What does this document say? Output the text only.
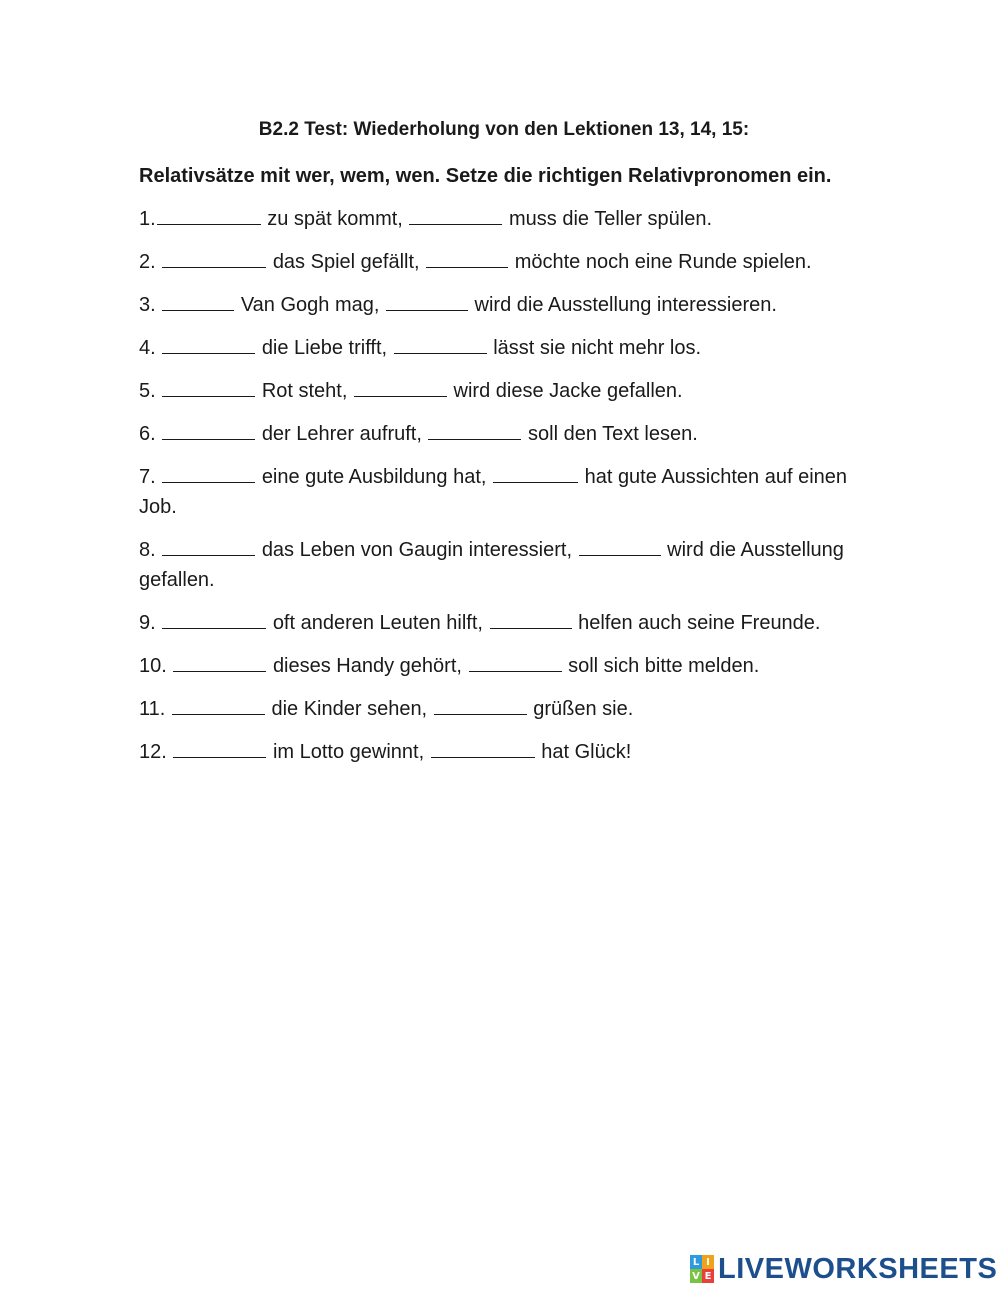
B2.2 Test: Wiederholung von den Lektionen 13, 14, 15:
Relativsätze mit wer, wem, wen. Setze die richtigen Relativpronomen ein.
1.	zu spät kommt,	muss die Teller spülen.
2.	das Spiel gefällt,	möchte noch eine Runde spielen.
3.	Van Gogh mag,	wird die Ausstellung interessieren.
4.	die Liebe trifft,	lässt sie nicht mehr los.
5.	Rot steht,	wird diese Jacke gefallen.
6.	der Lehrer aufruft,	soll den Text lesen.
7.	eine gute Ausbildung hat,	hat gute Aussichten auf einen Job.
8.	das Leben von Gaugin interessiert,	wird die Ausstellung gefallen.
9.	oft anderen Leuten hilft,	helfen auch seine Freunde.
10.	dieses Handy gehört,	soll sich bitte melden.
11.	die Kinder sehen,	grüßen sie.
12.	im Lotto gewinnt,	hat Glück!
L I
V E LIVEWORKSHEETS
